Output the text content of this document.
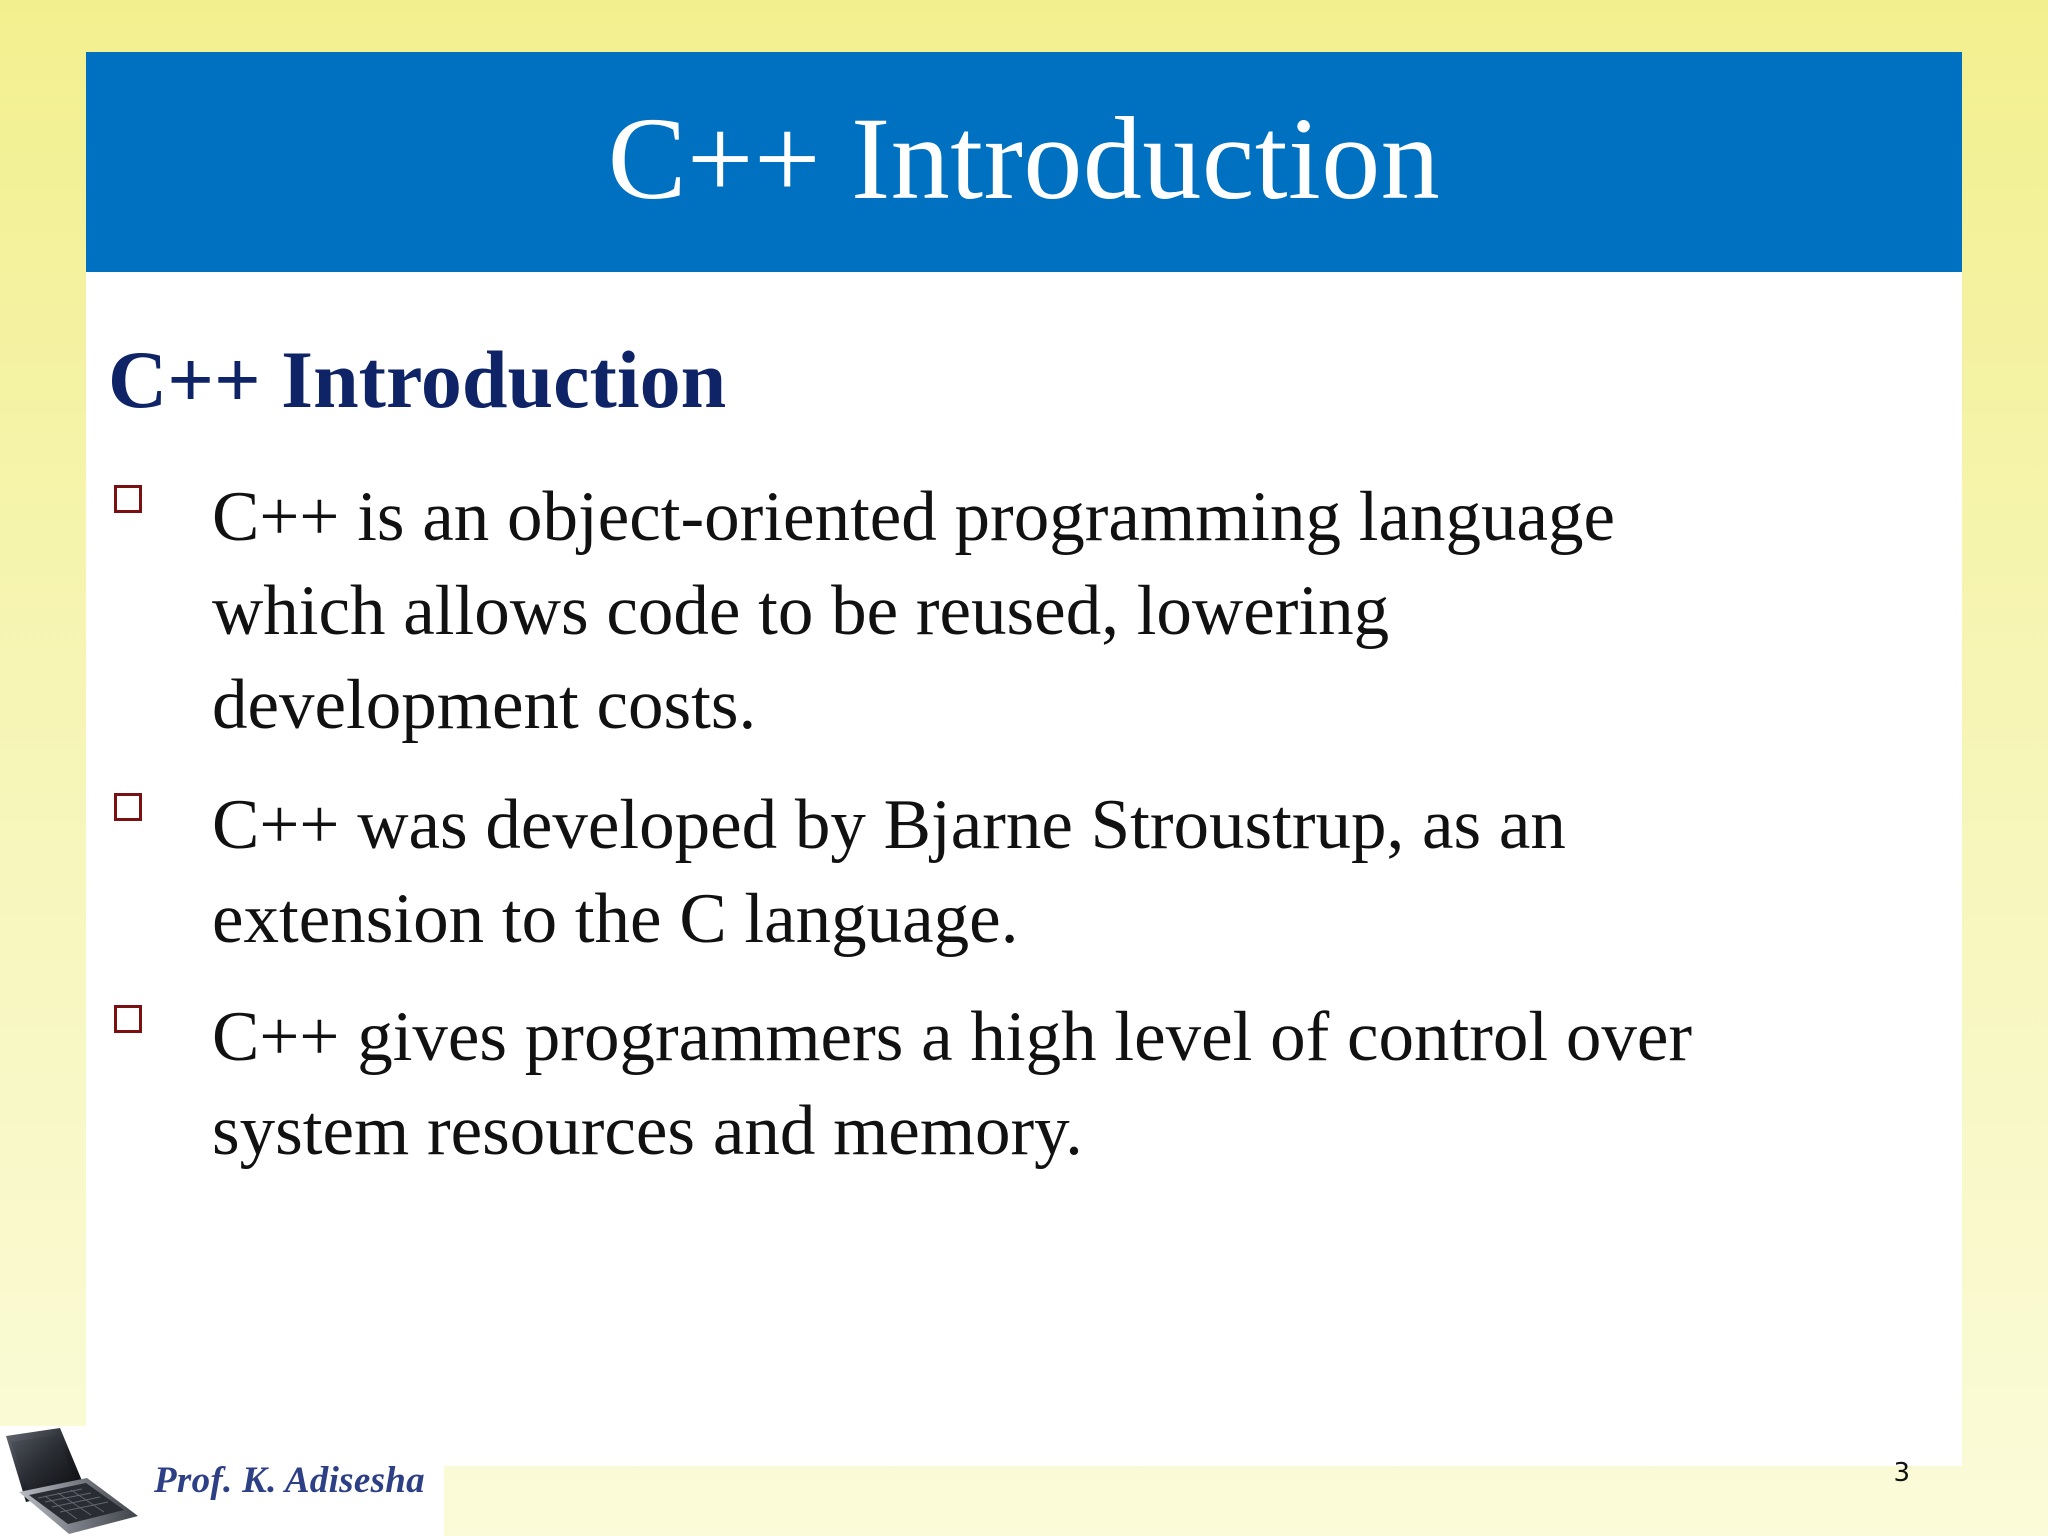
C++ Introduction
C++ Introduction
C++ is an object-oriented programming language
which allows code to be reused, lowering
development costs.
C++ was developed by Bjarne Stroustrup, as an
extension to the C language.
C++ gives programmers a high level of control over
system resources and memory.
3
Prof. K. Adisesha
